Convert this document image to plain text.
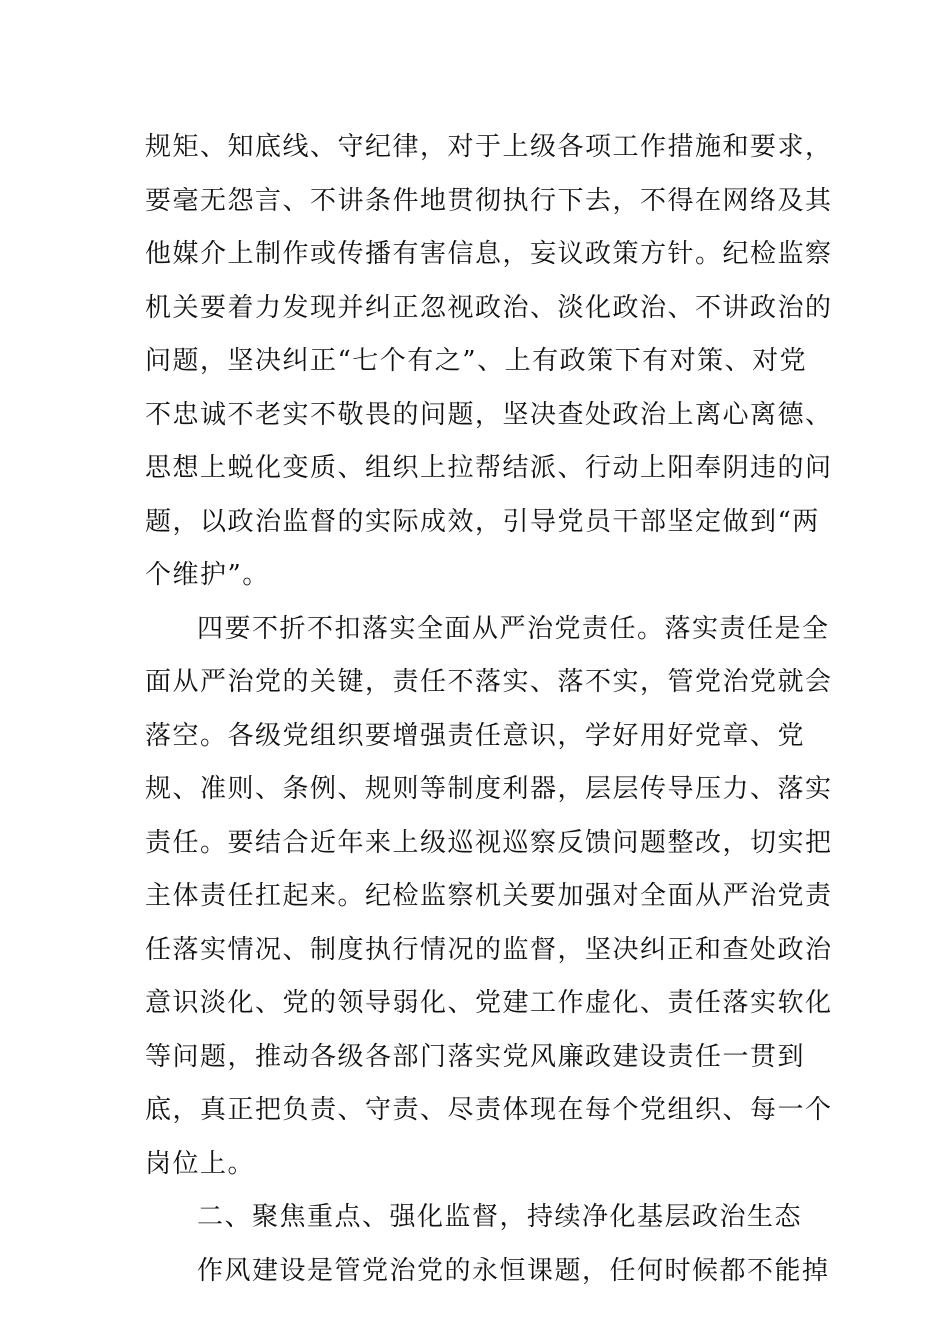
规矩、知底线、守纪律，对于上级各项工作措施和要求，
要毫无怨言、不讲条件地贯彻执行下去，不得在网络及其
他媒介上制作或传播有害信息，妄议政策方针。纪检监察
机关要着力发现并纠正忽视政治、淡化政治、不讲政治的
问题，坚决纠正“七个有之”、上有政策下有对策、对党
不忠诚不老实不敬畏的问题，坚决查处政治上离心离德、
思想上蜕化变质、组织上拉帮结派、行动上阳奉阴违的问
题，以政治监督的实际成效，引导党员干部坚定做到“两
个维护”。
四要不折不扣落实全面从严治党责任。落实责任是全
面从严治党的关键，责任不落实、落不实，管党治党就会
落空。各级党组织要增强责任意识，学好用好党章、党
规、准则、条例、规则等制度利器，层层传导压力、落实
责任。要结合近年来上级巡视巡察反馈问题整改，切实把
主体责任扛起来。纪检监察机关要加强对全面从严治党责
任落实情况、制度执行情况的监督，坚决纠正和查处政治
意识淡化、党的领导弱化、党建工作虚化、责任落实软化
等问题，推动各级各部门落实党风廉政建设责任一贯到
底，真正把负责、守责、尽责体现在每个党组织、每一个
岗位上。
二、聚焦重点、强化监督，持续净化基层政治生态
作风建设是管党治党的永恒课题，任何时候都不能掉
